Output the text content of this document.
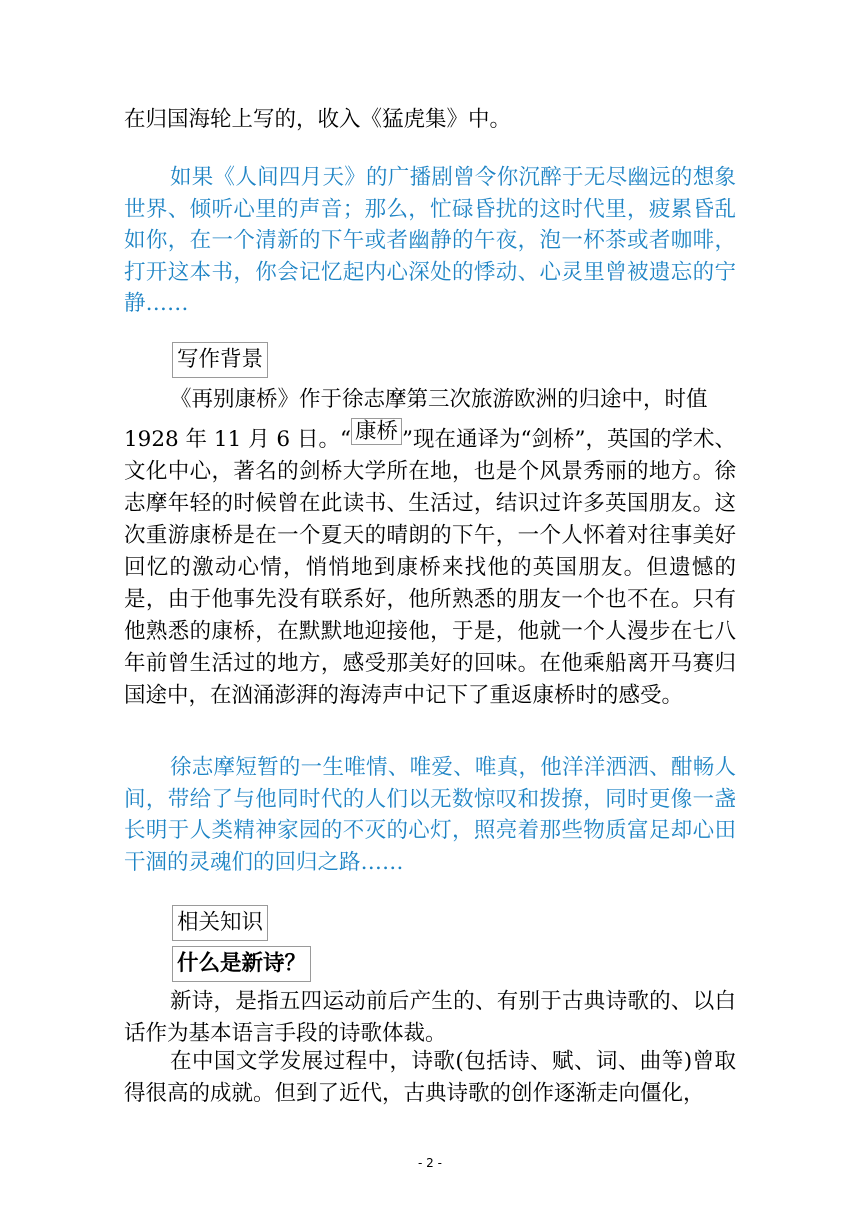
在归国海轮上写的，收入《猛虎集》中。

如果《人间四月天》的广播剧曾令你沉醉于无尽幽远的想象世界、倾听心里的声音；那么，忙碌昏扰的这时代里，疲累昏乱如你，在一个清新的下午或者幽静的午夜，泡一杯茶或者咖啡，打开这本书，你会记忆起内心深处的悸动、心灵里曾被遗忘的宁静……

写作背景

《再别康桥》作于徐志摩第三次旅游欧洲的归途中，时值

1928 年 11 月 6 日。“ 康桥 ”现在通译为“剑桥”，英国的学术、文化中心，著名的剑桥大学所在地，也是个风景秀丽的地方。徐志摩年轻的时候曾在此读书、生活过，结识过许多英国朋友。这次重游康桥是在一个夏天的晴朗的下午，一个人怀着对往事美好回忆的激动心情，悄悄地到康桥来找他的英国朋友。但遗憾的是，由于他事先没有联系好，他所熟悉的朋友一个也不在。只有他熟悉的康桥，在默默地迎接他，于是，他就一个人漫步在七八年前曾生活过的地方，感受那美好的回味。在他乘船离开马赛归国途中，在汹涌澎湃的海涛声中记下了重返康桥时的感受。

徐志摩短暂的一生唯情、唯爱、唯真，他洋洋洒洒、酣畅人间，带给了与他同时代的人们以无数惊叹和拨撩，同时更像一盏长明于人类精神家园的不灭的心灯，照亮着那些物质富足却心田干涸的灵魂们的回归之路……

相关知识
什么是新诗？

新诗，是指五四运动前后产生的、有别于古典诗歌的、以白话作为基本语言手段的诗歌体裁。

在中国文学发展过程中，诗歌(包括诗、赋、词、曲等)曾取得很高的成就。但到了近代，古典诗歌的创作逐渐走向僵化，

- 2 -
